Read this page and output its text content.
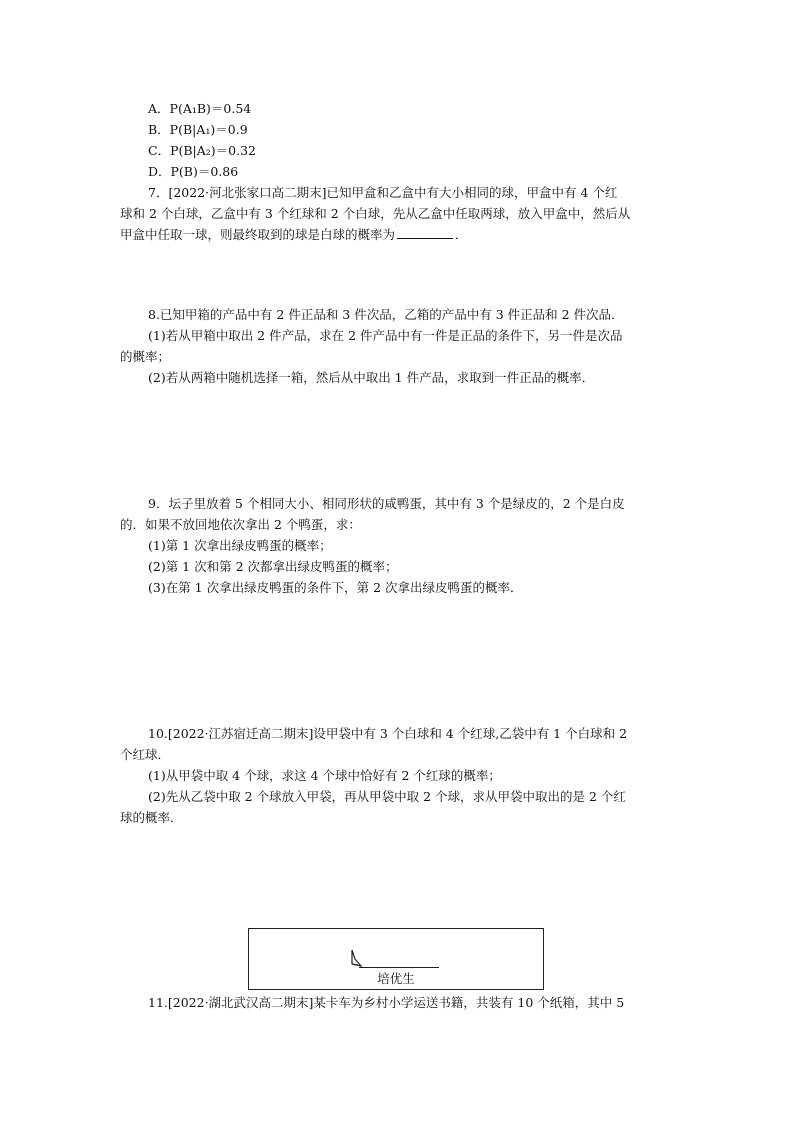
A．P(A₁B)＝0.54
B．P(B|A₁)＝0.9
C．P(B|A₂)＝0.32
D．P(B)＝0.86
7．[2022·河北张家口高二期末]已知甲盒和乙盒中有大小相同的球，甲盒中有 4 个红
球和 2 个白球，乙盒中有 3 个红球和 2 个白球，先从乙盒中任取两球，放入甲盒中，然后从
甲盒中任取一球，则最终取到的球是白球的概率为	．
8.已知甲箱的产品中有 2 件正品和 3 件次品，乙箱的产品中有 3 件正品和 2 件次品．
(1)若从甲箱中取出 2 件产品，求在 2 件产品中有一件是正品的条件下，另一件是次品
的概率；
(2)若从两箱中随机选择一箱，然后从中取出 1 件产品，求取到一件正品的概率．
9．坛子里放着 5 个相同大小、相同形状的咸鸭蛋，其中有 3 个是绿皮的，2 个是白皮
的．如果不放回地依次拿出 2 个鸭蛋，求：
(1)第 1 次拿出绿皮鸭蛋的概率；
(2)第 1 次和第 2 次都拿出绿皮鸭蛋的概率；
(3)在第 1 次拿出绿皮鸭蛋的条件下，第 2 次拿出绿皮鸭蛋的概率．
10.[2022·江苏宿迁高二期末]设甲袋中有 3 个白球和 4 个红球,乙袋中有 1 个白球和 2
个红球．
(1)从甲袋中取 4 个球，求这 4 个球中恰好有 2 个红球的概率；
(2)先从乙袋中取 2 个球放入甲袋，再从甲袋中取 2 个球，求从甲袋中取出的是 2 个红
球的概率．
培优生
11.[2022·湖北武汉高二期末]某卡车为乡村小学运送书籍，共装有 10 个纸箱，其中 5
